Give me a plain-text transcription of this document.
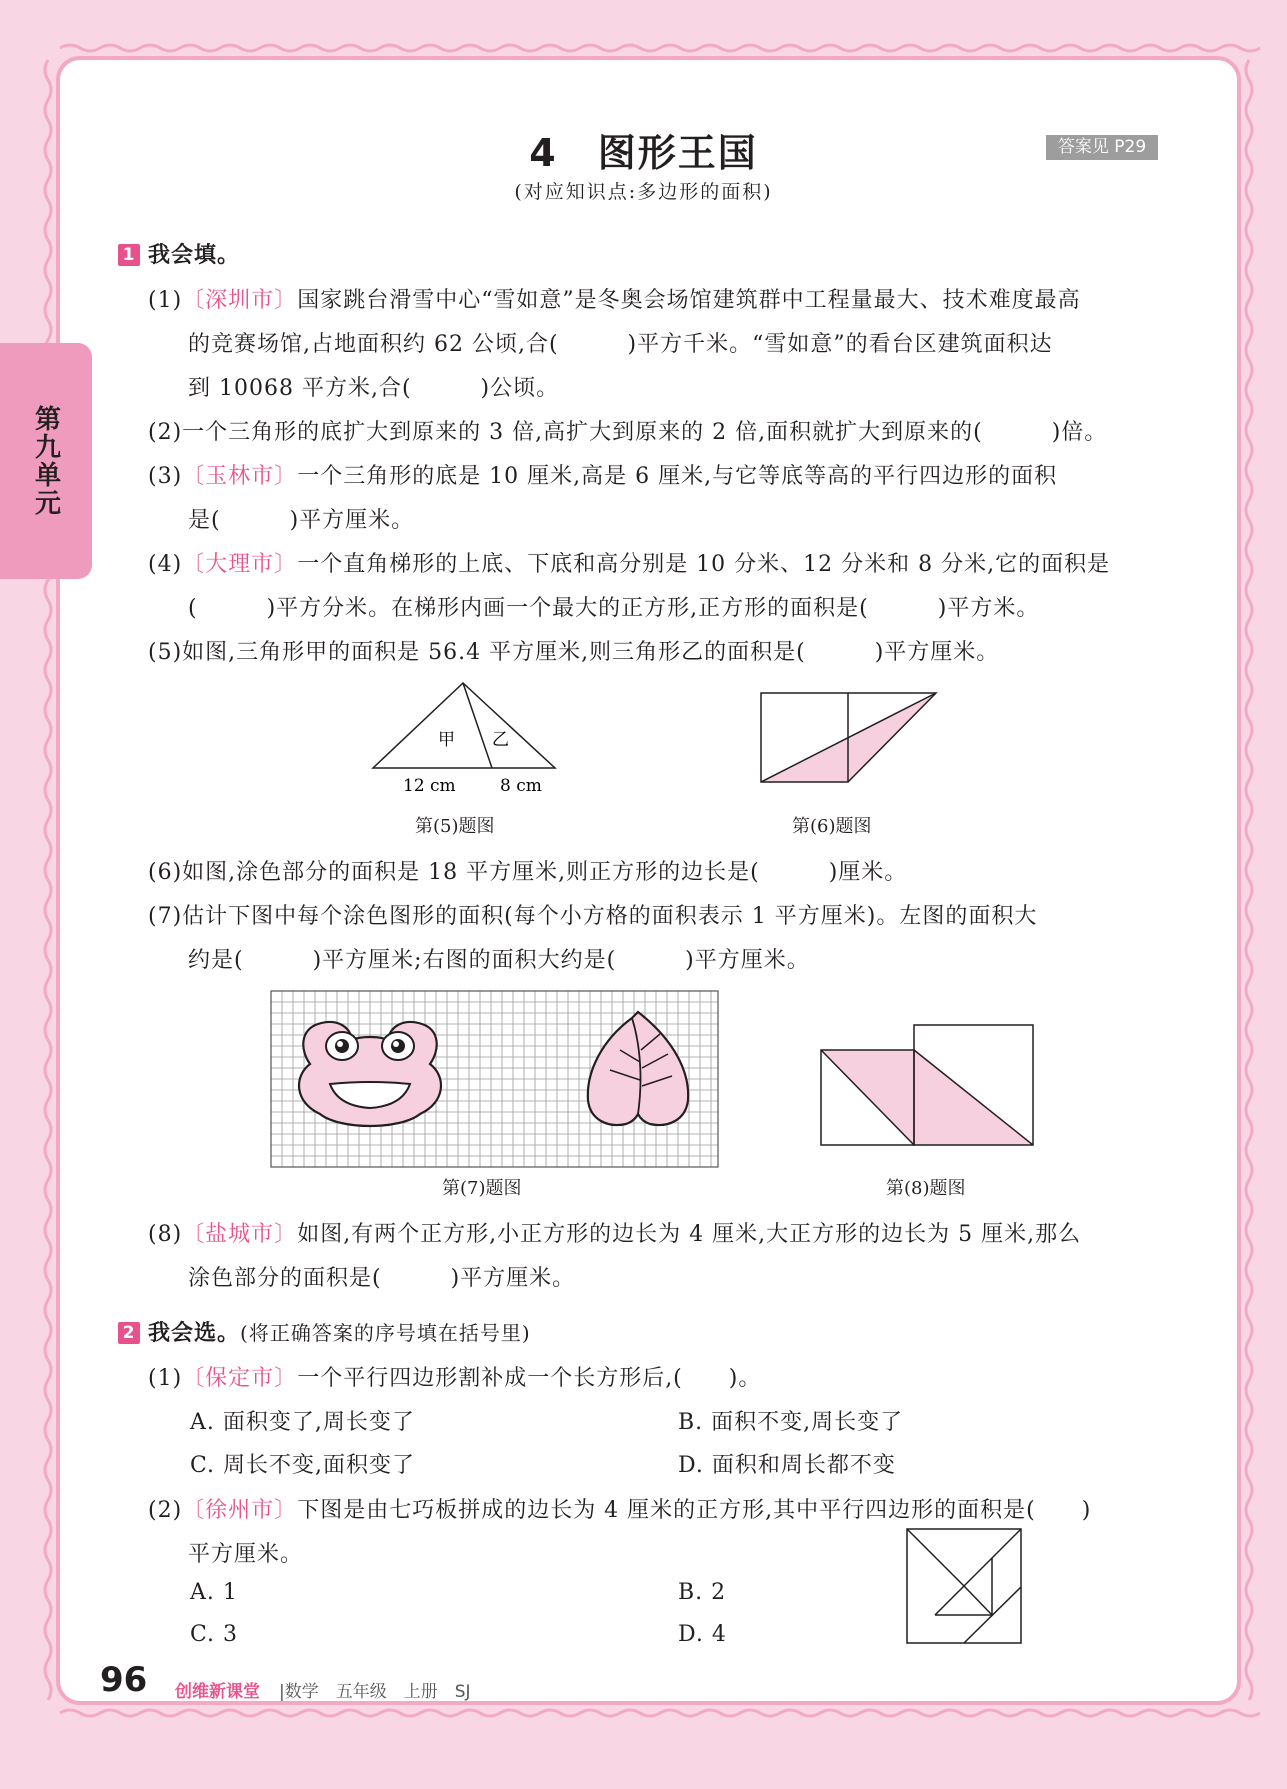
第九单元
4　图形王国	答案见 P29
(对应知识点:多边形的面积)
1 我会填。
(1)〔深圳市〕国家跳台滑雪中心“雪如意”是冬奥会场馆建筑群中工程量最大、技术难度最高
的竞赛场馆,占地面积约 62 公顷,合(　　　)平方千米。“雪如意”的看台区建筑面积达
到 10068 平方米,合(　　　)公顷。
(2)一个三角形的底扩大到原来的 3 倍,高扩大到原来的 2 倍,面积就扩大到原来的(　　　)倍。
(3)〔玉林市〕一个三角形的底是 10 厘米,高是 6 厘米,与它等底等高的平行四边形的面积
是(　　　)平方厘米。
(4)〔大理市〕一个直角梯形的上底、下底和高分别是 10 分米、12 分米和 8 分米,它的面积是
(　　　)平方分米。在梯形内画一个最大的正方形,正方形的面积是(　　　)平方米。
(5)如图,三角形甲的面积是 56.4 平方厘米,则三角形乙的面积是(　　　)平方厘米。
甲 乙
12 cm	8 cm
第(5)题图	第(6)题图
(6)如图,涂色部分的面积是 18 平方厘米,则正方形的边长是(　　　)厘米。
(7)估计下图中每个涂色图形的面积(每个小方格的面积表示 1 平方厘米)。左图的面积大
约是(　　　)平方厘米;右图的面积大约是(　　　)平方厘米。
第(7)题图	第(8)题图
(8)〔盐城市〕如图,有两个正方形,小正方形的边长为 4 厘米,大正方形的边长为 5 厘米,那么
涂色部分的面积是(　　　)平方厘米。
2 我会选。(将正确答案的序号填在括号里)
(1)〔保定市〕一个平行四边形割补成一个长方形后,(　　)。
A. 面积变了,周长变了	B. 面积不变,周长变了
C. 周长不变,面积变了	D. 面积和周长都不变
(2)〔徐州市〕下图是由七巧板拼成的边长为 4 厘米的正方形,其中平行四边形的面积是(　　)
平方厘米。
A. 1	B. 2
C. 3	D. 4
96 创维新课堂 |数学　五年级　上册　SJ
